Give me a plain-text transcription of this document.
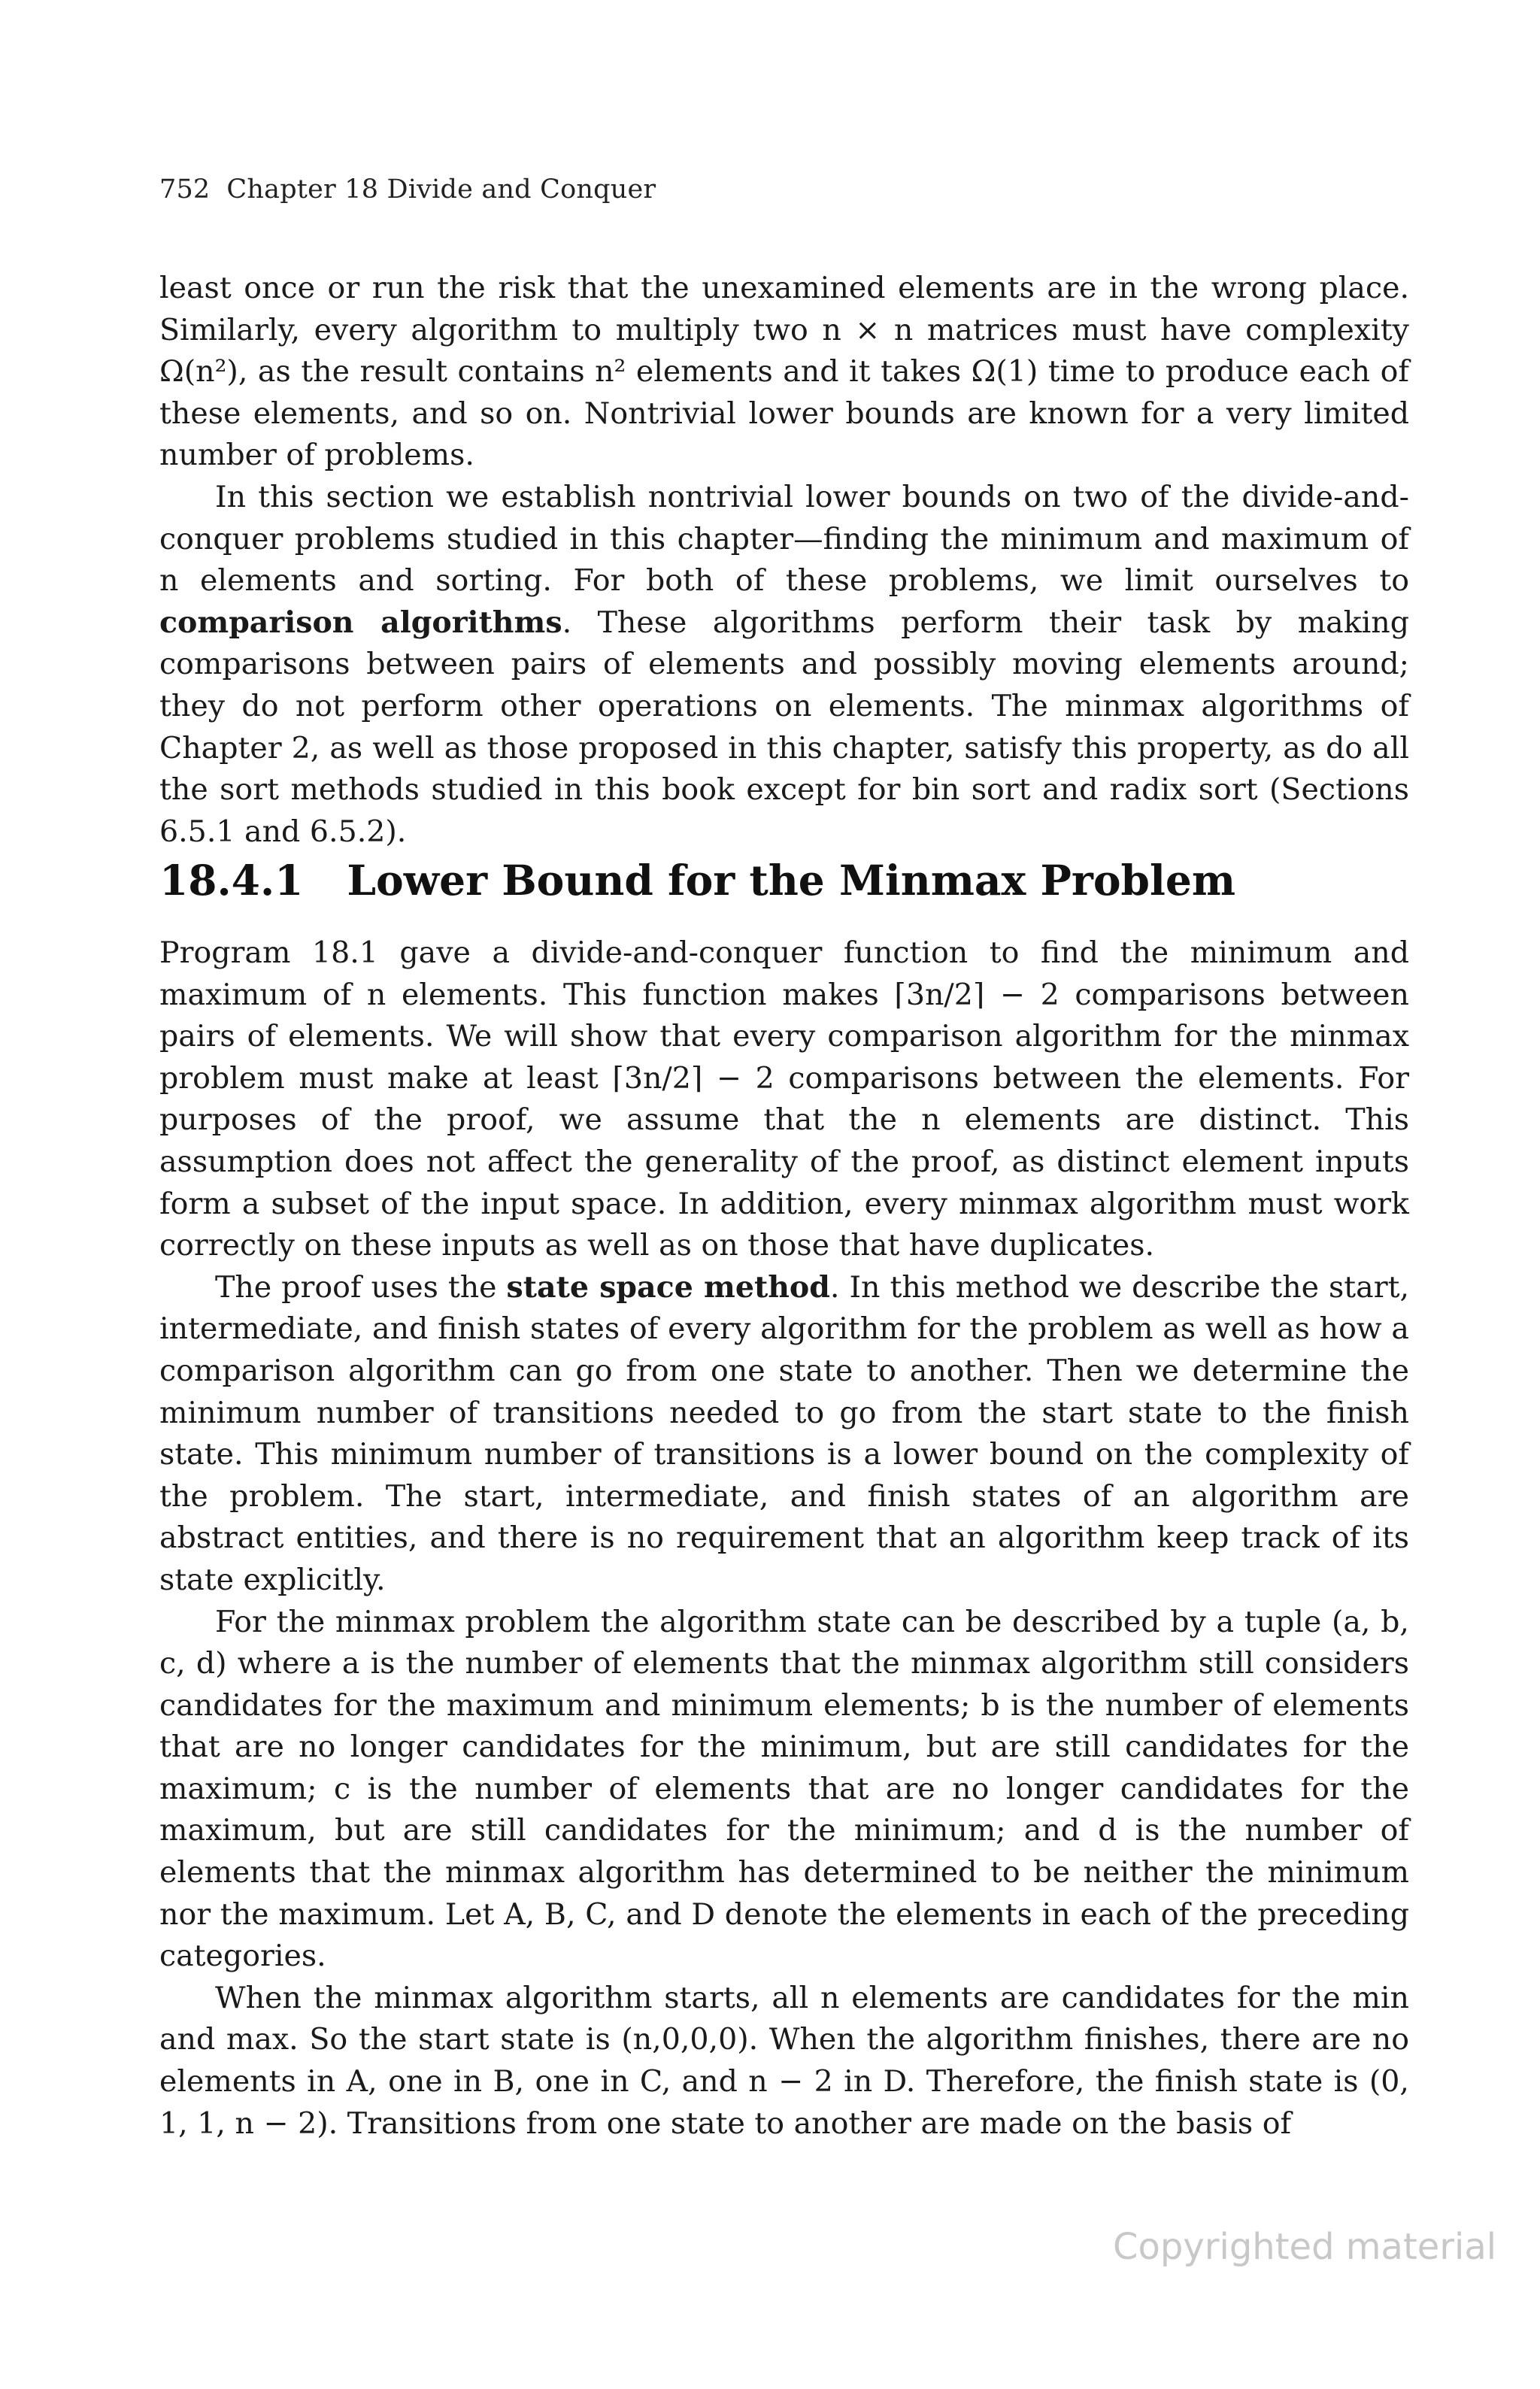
752 Chapter 18 Divide and Conquer

least once or run the risk that the unexamined elements are in the wrong place. Similarly, every algorithm to multiply two n × n matrices must have complexity Ω(n²), as the result contains n² elements and it takes Ω(1) time to produce each of these elements, and so on. Nontrivial lower bounds are known for a very limited number of problems.

In this section we establish nontrivial lower bounds on two of the divide-and-conquer problems studied in this chapter—finding the minimum and maximum of n elements and sorting. For both of these problems, we limit ourselves to comparison algorithms. These algorithms perform their task by making comparisons between pairs of elements and possibly moving elements around; they do not perform other operations on elements. The minmax algorithms of Chapter 2, as well as those proposed in this chapter, satisfy this property, as do all the sort methods studied in this book except for bin sort and radix sort (Sections 6.5.1 and 6.5.2).

18.4.1 Lower Bound for the Minmax Problem

Program 18.1 gave a divide-and-conquer function to find the minimum and maximum of n elements. This function makes ⌈3n/2⌉ − 2 comparisons between pairs of elements. We will show that every comparison algorithm for the minmax problem must make at least ⌈3n/2⌉ − 2 comparisons between the elements. For purposes of the proof, we assume that the n elements are distinct. This assumption does not affect the generality of the proof, as distinct element inputs form a subset of the input space. In addition, every minmax algorithm must work correctly on these inputs as well as on those that have duplicates.

The proof uses the state space method. In this method we describe the start, intermediate, and finish states of every algorithm for the problem as well as how a comparison algorithm can go from one state to another. Then we determine the minimum number of transitions needed to go from the start state to the finish state. This minimum number of transitions is a lower bound on the complexity of the problem. The start, intermediate, and finish states of an algorithm are abstract entities, and there is no requirement that an algorithm keep track of its state explicitly.

For the minmax problem the algorithm state can be described by a tuple (a, b, c, d) where a is the number of elements that the minmax algorithm still considers candidates for the maximum and minimum elements; b is the number of elements that are no longer candidates for the minimum, but are still candidates for the maximum; c is the number of elements that are no longer candidates for the maximum, but are still candidates for the minimum; and d is the number of elements that the minmax algorithm has determined to be neither the minimum nor the maximum. Let A, B, C, and D denote the elements in each of the preceding categories.

When the minmax algorithm starts, all n elements are candidates for the min and max. So the start state is (n,0,0,0). When the algorithm finishes, there are no elements in A, one in B, one in C, and n − 2 in D. Therefore, the finish state is (0, 1, 1, n − 2). Transitions from one state to another are made on the basis of

Copyrighted material
